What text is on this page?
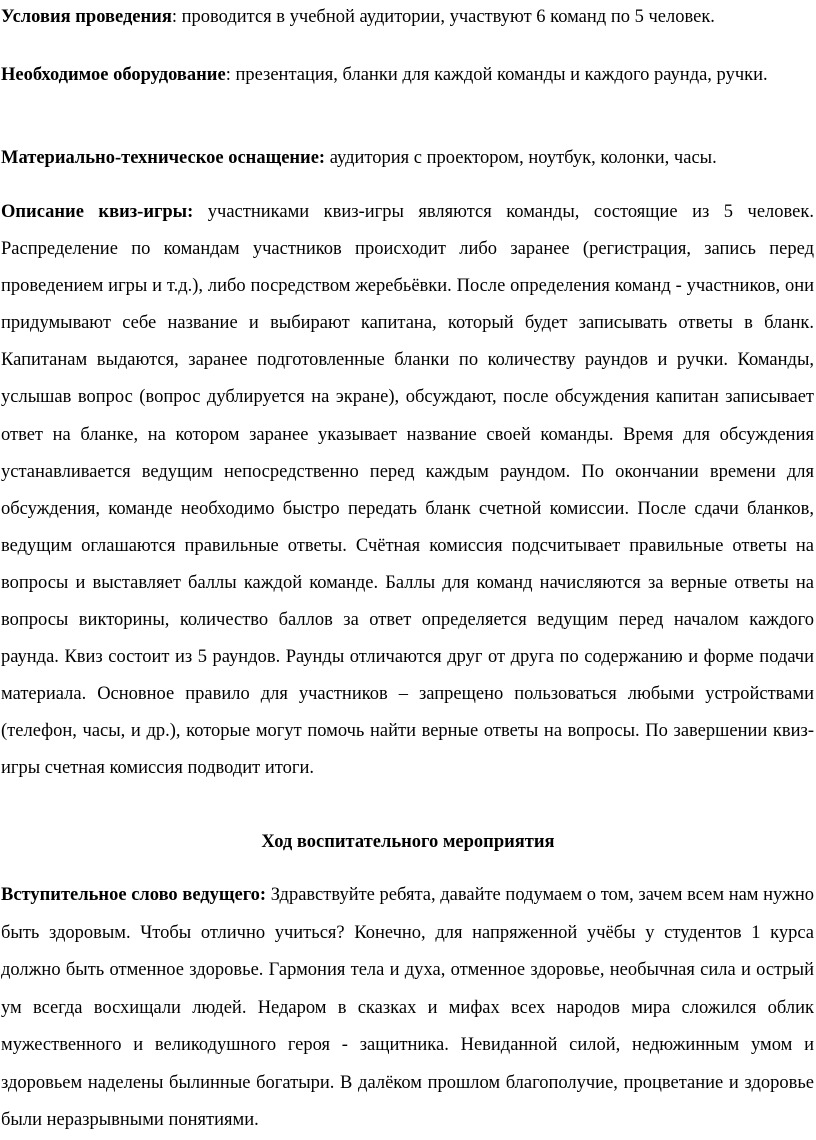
Условия проведения: проводится в учебной аудитории, участвуют 6 команд по 5 человек.

Необходимое оборудование: презентация, бланки для каждой команды и каждого раунда, ручки.

Материально-техническое оснащение: аудитория с проектором, ноутбук, колонки, часы.

Описание квиз-игры: участниками квиз-игры являются команды, состоящие из 5 человек. Распределение по командам участников происходит либо заранее (регистрация, запись перед проведением игры и т.д.), либо посредством жеребьёвки. После определения команд - участников, они придумывают себе название и выбирают капитана, который будет записывать ответы в бланк. Капитанам выдаются, заранее подготовленные бланки по количеству раундов и ручки. Команды, услышав вопрос (вопрос дублируется на экране), обсуждают, после обсуждения капитан записывает ответ на бланке, на котором заранее указывает название своей команды. Время для обсуждения устанавливается ведущим непосредственно перед каждым раундом. По окончании времени для обсуждения, команде необходимо быстро передать бланк счетной комиссии. После сдачи бланков, ведущим оглашаются правильные ответы. Счётная комиссия подсчитывает правильные ответы на вопросы и выставляет баллы каждой команде. Баллы для команд начисляются за верные ответы на вопросы викторины, количество баллов за ответ определяется ведущим перед началом каждого раунда. Квиз состоит из 5 раундов. Раунды отличаются друг от друга по содержанию и форме подачи материала. Основное правило для участников – запрещено пользоваться любыми устройствами (телефон, часы, и др.), которые могут помочь найти верные ответы на вопросы. По завершении квиз-игры счетная комиссия подводит итоги.

Ход воспитательного мероприятия

Вступительное слово ведущего: Здравствуйте ребята, давайте подумаем о том, зачем всем нам нужно быть здоровым. Чтобы отлично учиться? Конечно, для напряженной учёбы у студентов 1 курса должно быть отменное здоровье. Гармония тела и духа, отменное здоровье, необычная сила и острый ум всегда восхищали людей. Недаром в сказках и мифах всех народов мира сложился облик мужественного и великодушного героя - защитника. Невиданной силой, недюжинным умом и здоровьем наделены былинные богатыри. В далёком прошлом благополучие, процветание и здоровье были неразрывными понятиями.
